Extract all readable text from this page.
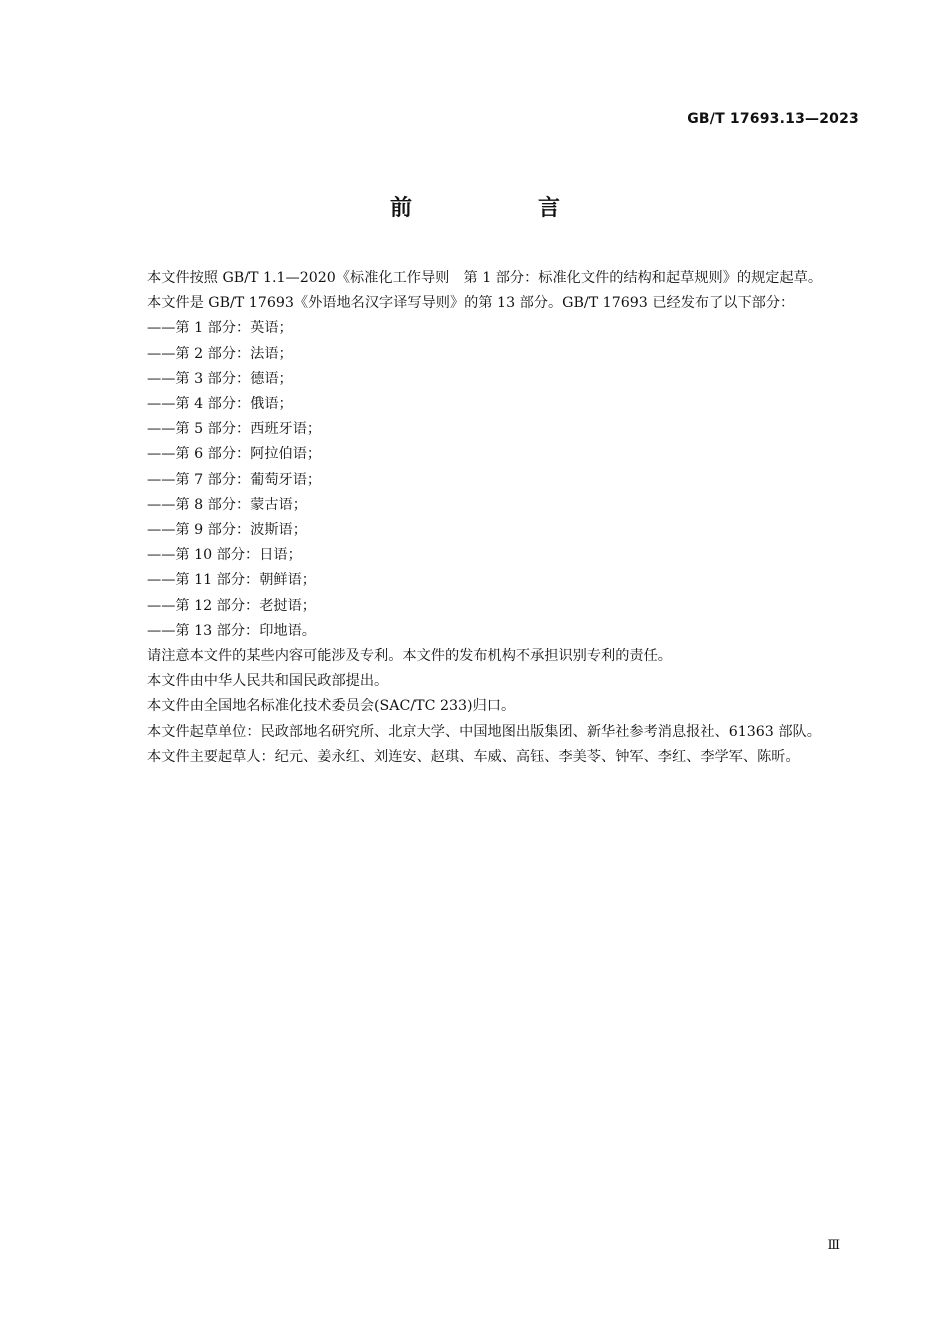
GB/T 17693.13—2023
前　言

本文件按照 GB/T 1.1—2020《标准化工作导则　第 1 部分：标准化文件的结构和起草规则》的规定起草。

本文件是 GB/T 17693《外语地名汉字译写导则》的第 13 部分。GB/T 17693 已经发布了以下部分：

——第 1 部分：英语；
——第 2 部分：法语；
——第 3 部分：德语；
——第 4 部分：俄语；
——第 5 部分：西班牙语；
——第 6 部分：阿拉伯语；
——第 7 部分：葡萄牙语；
——第 8 部分：蒙古语；
——第 9 部分：波斯语；
——第 10 部分：日语；
——第 11 部分：朝鲜语；
——第 12 部分：老挝语；
——第 13 部分：印地语。

请注意本文件的某些内容可能涉及专利。本文件的发布机构不承担识别专利的责任。

本文件由中华人民共和国民政部提出。

本文件由全国地名标准化技术委员会(SAC/TC 233)归口。

本文件起草单位：民政部地名研究所、北京大学、中国地图出版集团、新华社参考消息报社、61363 部队。

本文件主要起草人：纪元、姜永红、刘连安、赵琪、车威、高钰、李美苓、钟军、李红、李学军、陈昕。

Ⅲ
